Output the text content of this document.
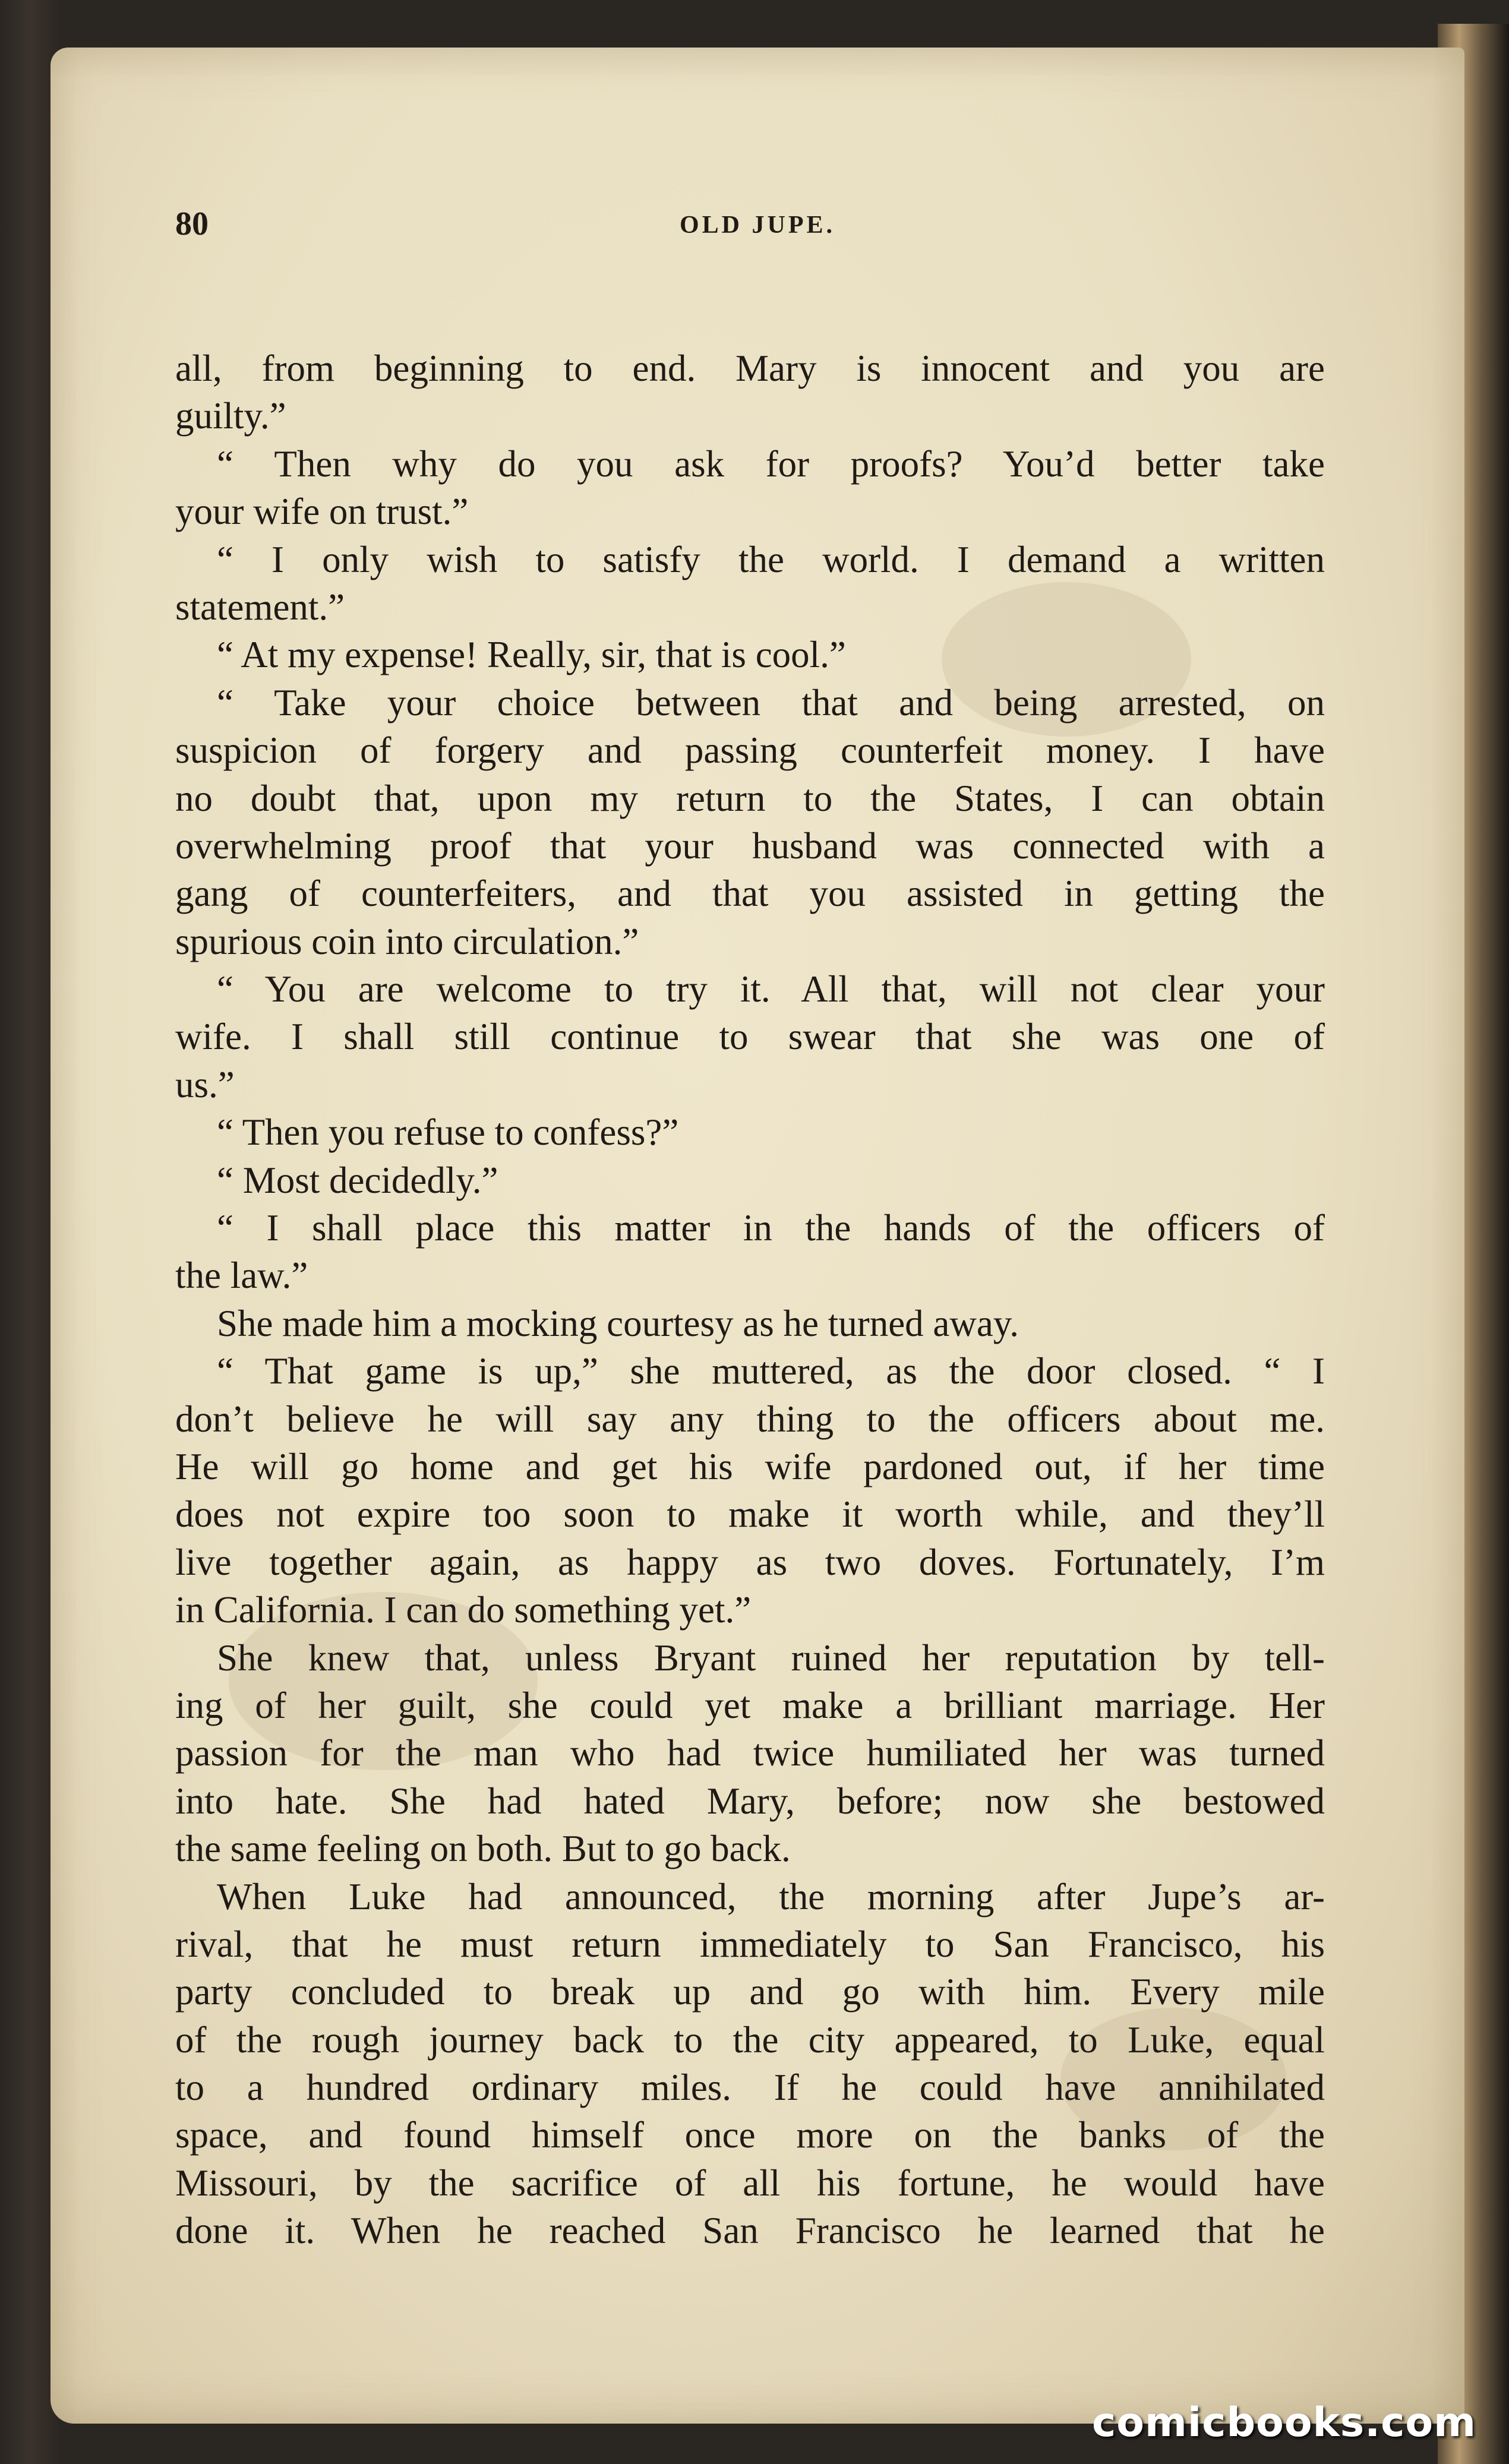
80	OLD JUPE.
all, from beginning to end. Mary is innocent and you are
guilty.”
“ Then why do you ask for proofs? You’d better take
your wife on trust.”
“ I only wish to satisfy the world. I demand a written
statement.”
“ At my expense! Really, sir, that is cool.”
“ Take your choice between that and being arrested, on
suspicion of forgery and passing counterfeit money. I have
no doubt that, upon my return to the States, I can obtain
overwhelming proof that your husband was connected with a
gang of counterfeiters, and that you assisted in getting the
spurious coin into circulation.”
“ You are welcome to try it. All that, will not clear your
wife. I shall still continue to swear that she was one of
us.”
“ Then you refuse to confess?”
“ Most decidedly.”
“ I shall place this matter in the hands of the officers of
the law.”
She made him a mocking courtesy as he turned away.
“ That game is up,” she muttered, as the door closed. “ I
don’t believe he will say any thing to the officers about me.
He will go home and get his wife pardoned out, if her time
does not expire too soon to make it worth while, and they’ll
live together again, as happy as two doves. Fortunately, I’m
in California. I can do something yet.”
She knew that, unless Bryant ruined her reputation by tell-
ing of her guilt, she could yet make a brilliant marriage. Her
passion for the man who had twice humiliated her was turned
into hate. She had hated Mary, before; now she bestowed
the same feeling on both. But to go back.
When Luke had announced, the morning after Jupe’s ar-
rival, that he must return immediately to San Francisco, his
party concluded to break up and go with him. Every mile
of the rough journey back to the city appeared, to Luke, equal
to a hundred ordinary miles. If he could have annihilated
space, and found himself once more on the banks of the
Missouri, by the sacrifice of all his fortune, he would have
done it. When he reached San Francisco he learned that he
comicbooks.com
